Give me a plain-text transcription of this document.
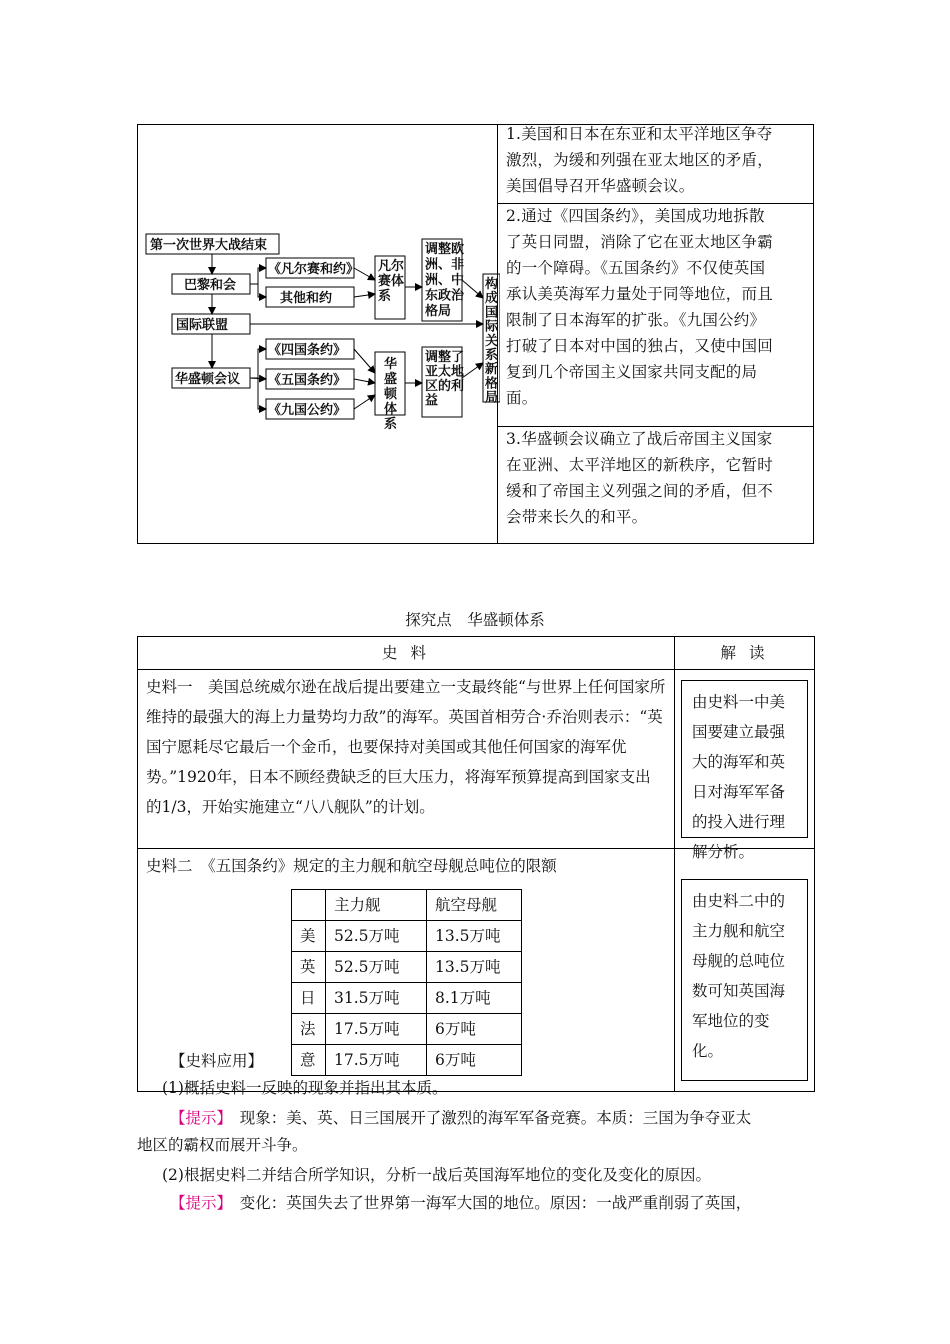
第一次世界大战结束
巴黎和会
《凡尔赛和约》
其他和约
国际联盟
华盛顿会议
《四国条约》
《五国条约》
《九国公约》
凡尔赛体系
调整欧洲、非洲、中东政治格局
华盛顿体系
调整了亚太地区的利益
构成国际关系新格局
1.美国和日本在东亚和太平洋地区争夺
激烈，为缓和列强在亚太地区的矛盾，
美国倡导召开华盛顿会议。
2.通过《四国条约》，美国成功地拆散
了英日同盟，消除了它在亚太地区争霸
的一个障碍。《五国条约》不仅使英国
承认美英海军力量处于同等地位，而且
限制了日本海军的扩张。《九国公约》
打破了日本对中国的独占，又使中国回
复到几个帝国主义国家共同支配的局
面。
3.华盛顿会议确立了战后帝国主义国家
在亚洲、太平洋地区的新秩序，它暂时
缓和了帝国主义列强之间的矛盾，但不
会带来长久的和平。
探究点　华盛顿体系
史 料	解 读
史料一　美国总统威尔逊在战后提出要建立一支最终能“与世界上任何国家所维持的最强大的海上力量势均力敌”的海军。英国首相劳合·乔治则表示：“英国宁愿耗尽它最后一个金币，也要保持对美国或其他任何国家的海军优势。”1920年，日本不顾经费缺乏的巨大压力，将海军预算提高到国家支出的1/3，开始实施建立“八八舰队”的计划。	
由史料一中美国要建立最强大的海军和英日对海军军备的投入进行理解分析。

史料二　《五国条约》规定的主力舰和航空母舰总吨位的限额
	主力舰	航空母舰
美	52.5万吨	13.5万吨
英	52.5万吨	13.5万吨
日	31.5万吨	8.1万吨
法	17.5万吨	6万吨
意	17.5万吨	6万吨

由史料二中的主力舰和航空母舰的总吨位数可知英国海军地位的变化。
【史料应用】
(1)概括史料一反映的现象并指出其本质。
【提示】　现象：美、英、日三国展开了激烈的海军军备竞赛。本质：三国为争夺亚太
地区的霸权而展开斗争。
(2)根据史料二并结合所学知识，分析一战后英国海军地位的变化及变化的原因。
【提示】　变化：英国失去了世界第一海军大国的地位。原因：一战严重削弱了英国，
